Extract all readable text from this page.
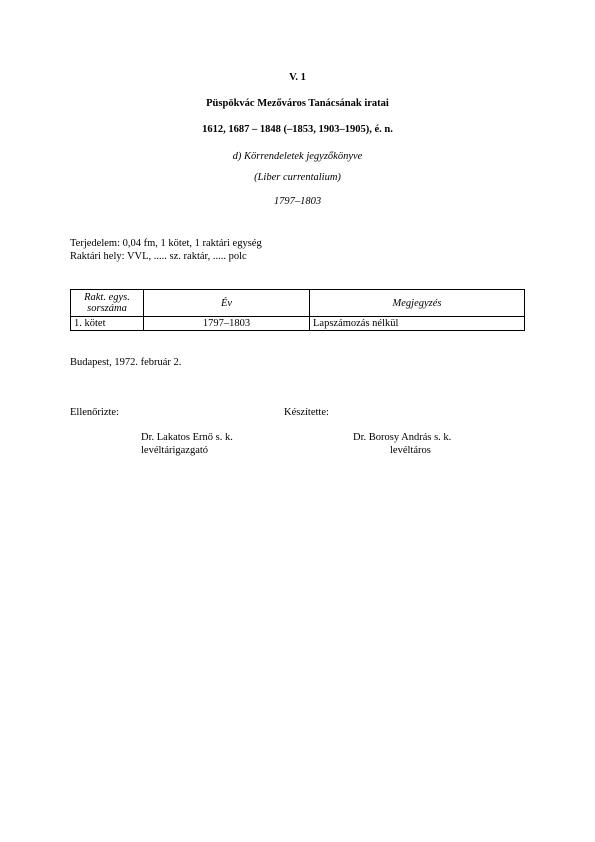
V. 1
Püspökvác Mezőváros Tanácsának iratai
1612, 1687 – 1848 (–1853, 1903–1905), é. n.
d) Körrendeletek jegyzőkönyve
(Liber currentalium)
1797–1803
Terjedelem: 0,04 fm, 1 kötet, 1 raktári egység
Raktári hely: VVL, ..... sz. raktár, ..... polc
Rakt. egys.
sorszáma	Év	Megjegyzés
1. kötet	1797–1803	Lapszámozás nélkül
Budapest, 1972. február 2.
Ellenőrizte:	Készítette:
Dr. Lakatos Ernő s. k.
levéltárigazgató
Dr. Borosy András s. k.
levéltáros
